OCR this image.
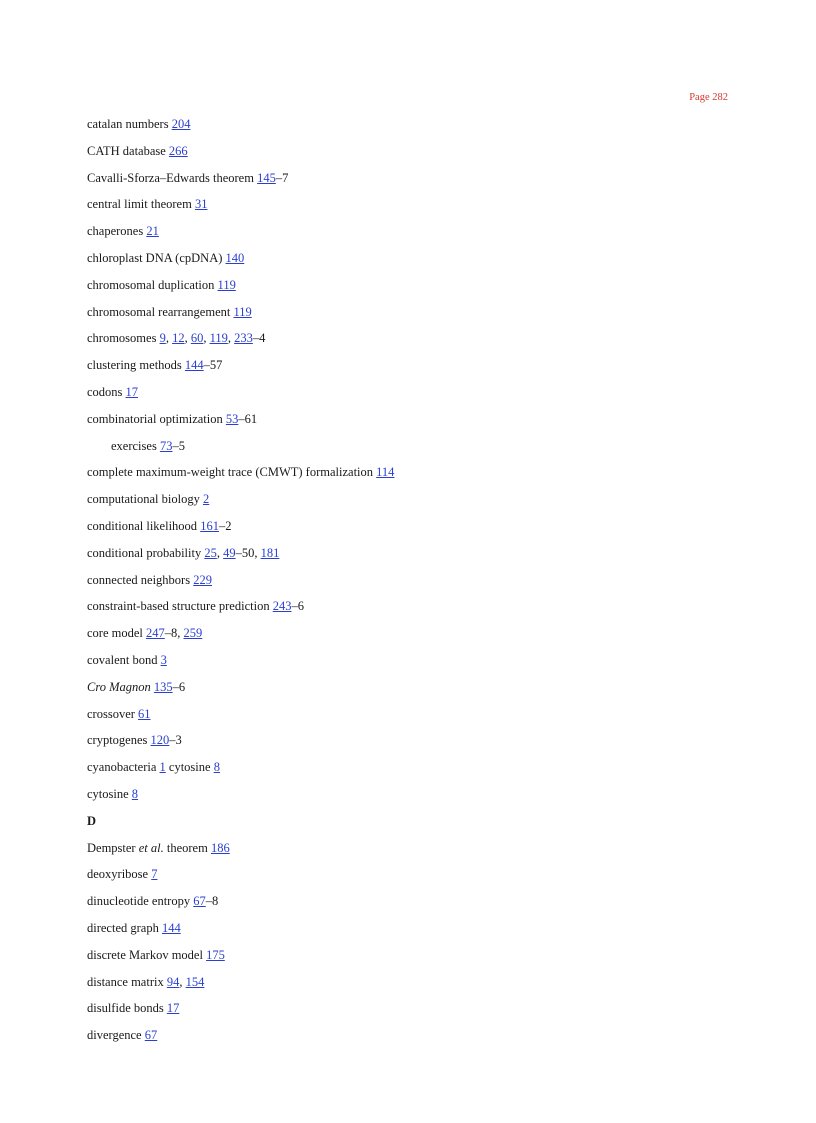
Page 282
catalan numbers 204
CATH database 266
Cavalli-Sforza–Edwards theorem 145–7
central limit theorem 31
chaperones 21
chloroplast DNA (cpDNA) 140
chromosomal duplication 119
chromosomal rearrangement 119
chromosomes 9, 12, 60, 119, 233–4
clustering methods 144–57
codons 17
combinatorial optimization 53–61
exercises 73–5
complete maximum-weight trace (CMWT) formalization 114
computational biology 2
conditional likelihood 161–2
conditional probability 25, 49–50, 181
connected neighbors 229
constraint-based structure prediction 243–6
core model 247–8, 259
covalent bond 3
Cro Magnon 135–6
crossover 61
cryptogenes 120–3
cyanobacteria 1 cytosine 8
cytosine 8
D
Dempster et al. theorem 186
deoxyribose 7
dinucleotide entropy 67–8
directed graph 144
discrete Markov model 175
distance matrix 94, 154
disulfide bonds 17
divergence 67
